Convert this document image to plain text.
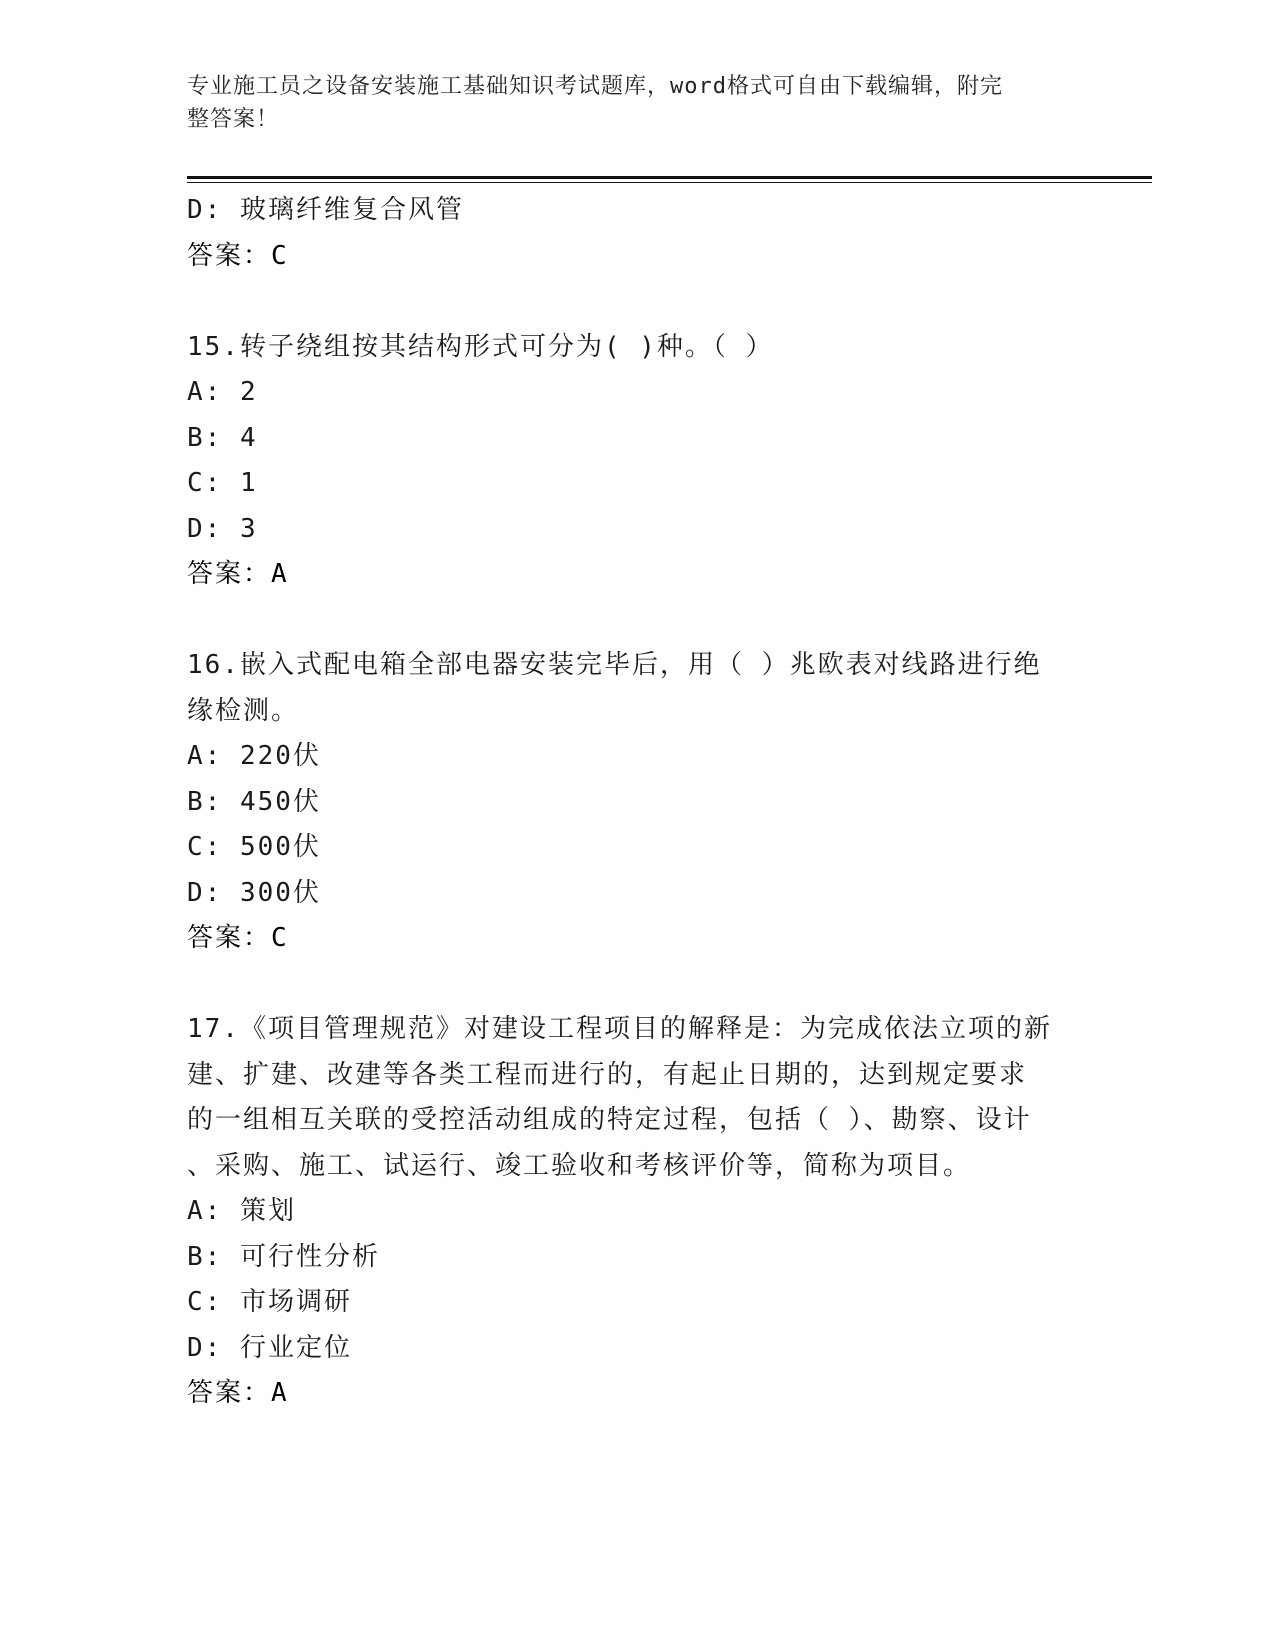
专业施工员之设备安装施工基础知识考试题库，word格式可自由下载编辑，附完
整答案！
D: 玻璃纤维复合风管
答案：C
15.转子绕组按其结构形式可分为( )种。（ ）
A: 2
B: 4
C: 1
D: 3
答案：A
16.嵌入式配电箱全部电器安装完毕后，用（ ）兆欧表对线路进行绝
缘检测。
A: 220伏
B: 450伏
C: 500伏
D: 300伏
答案：C
17.《项目管理规范》对建设工程项目的解释是：为完成依法立项的新
建、扩建、改建等各类工程而进行的，有起止日期的，达到规定要求
的一组相互关联的受控活动组成的特定过程，包括（ ）、勘察、设计
、采购、施工、试运行、竣工验收和考核评价等，简称为项目。
A: 策划
B: 可行性分析
C: 市场调研
D: 行业定位
答案：A
